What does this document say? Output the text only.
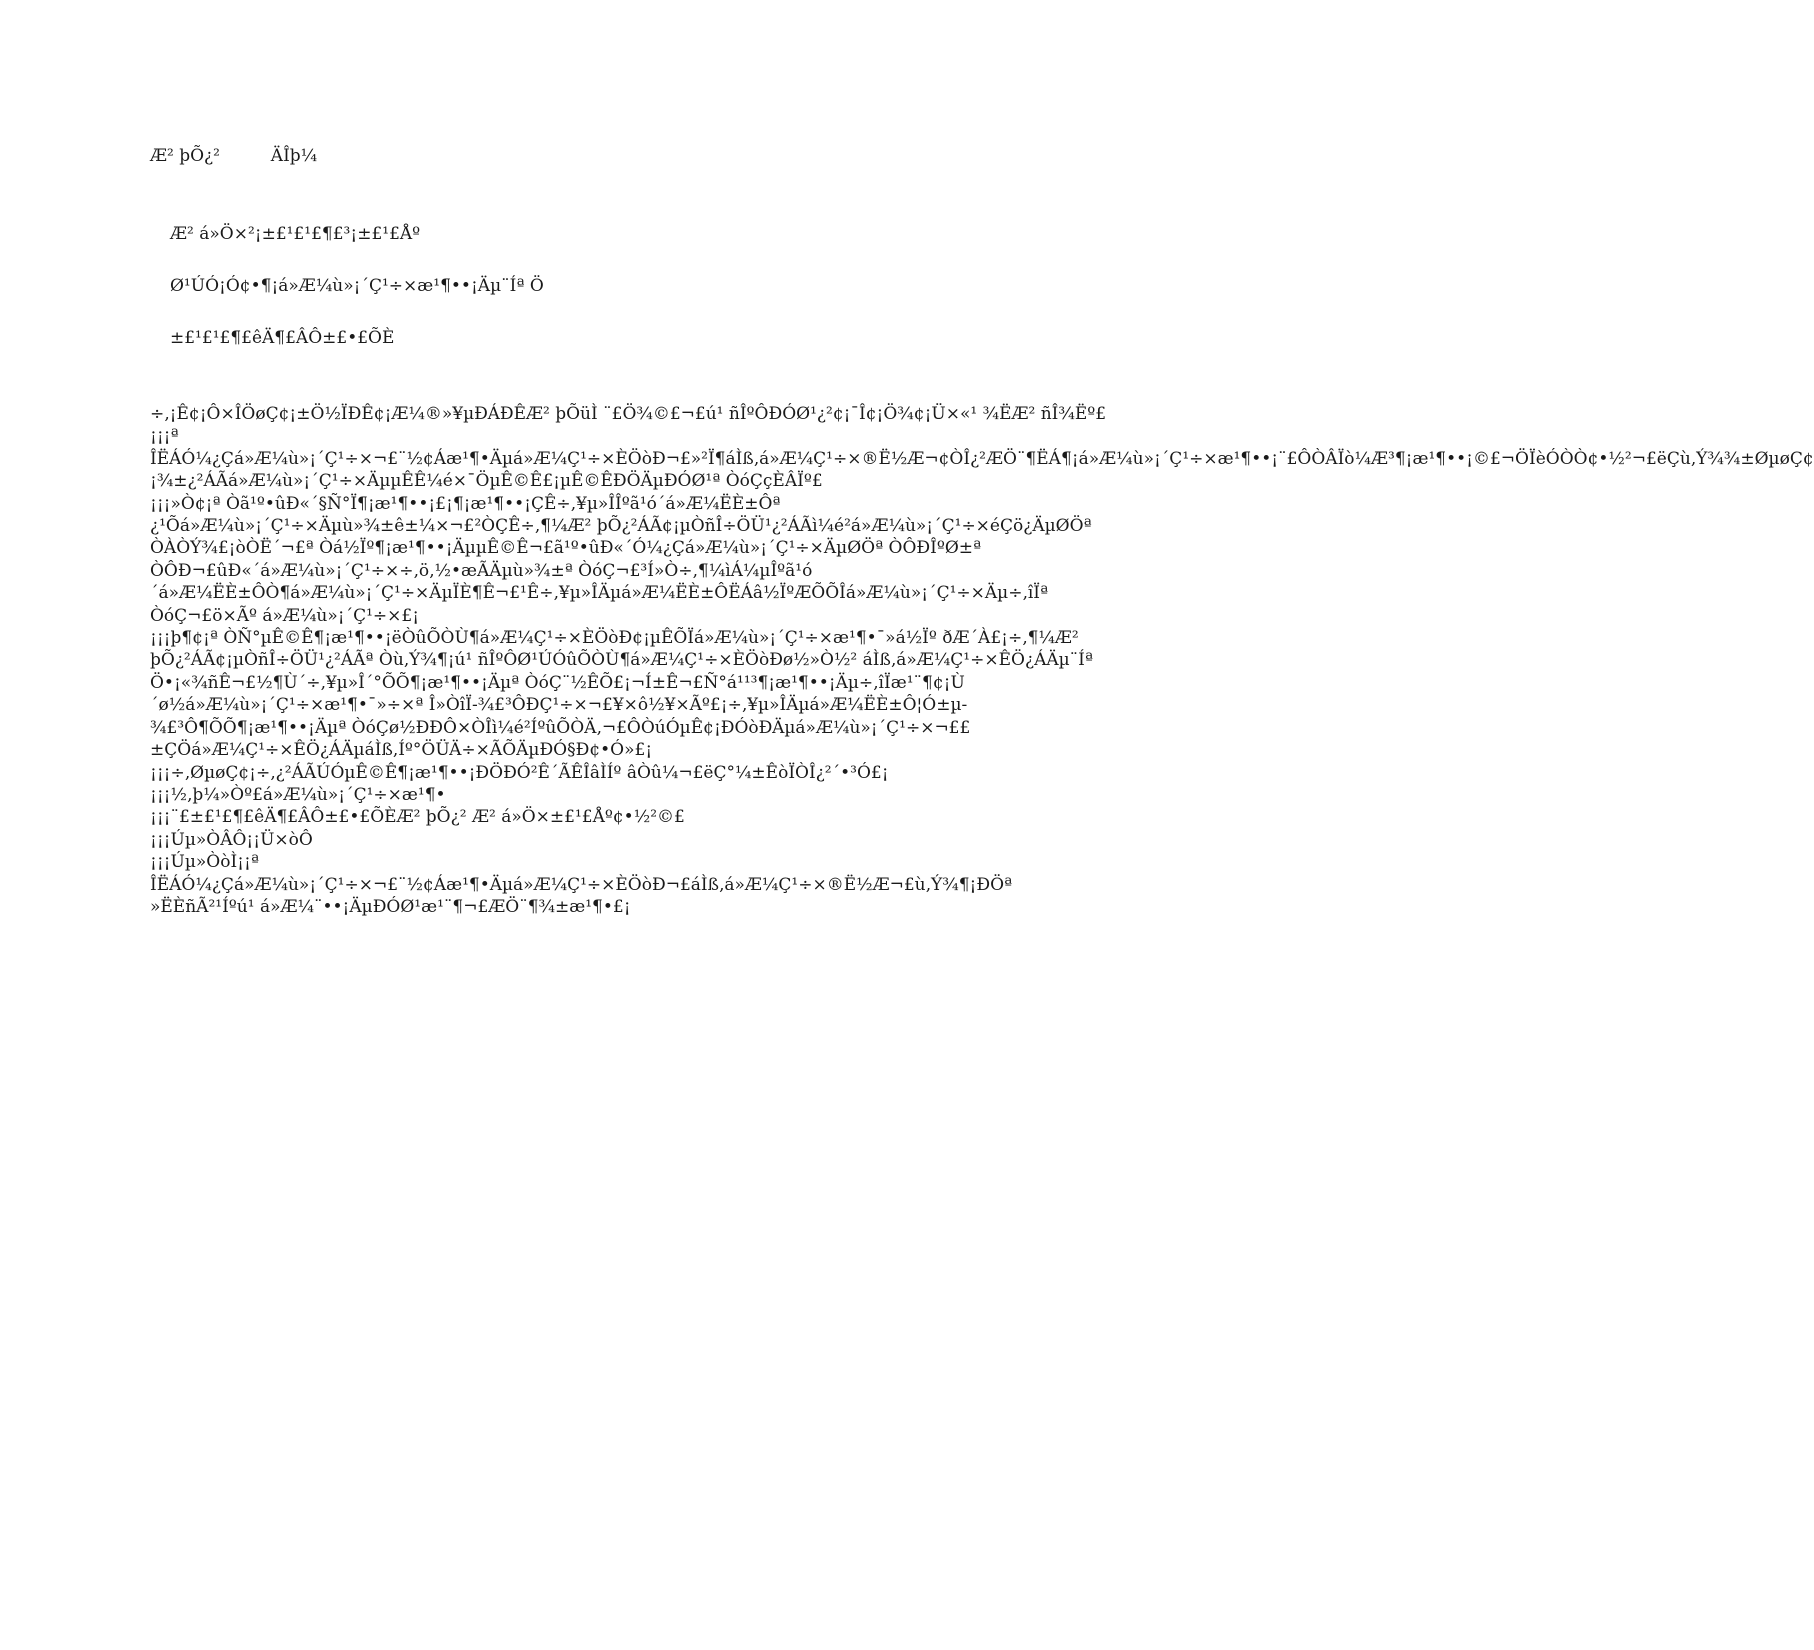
Æ² þÕ¿²	ÄÎþ¼
Æ² á»Ö×²¡±£¹£¹£¶£³¡±£¹£Åº
Ø¹ÚÓ¡Ó¢•¶¡á»Æ¼ù»¡´Ç¹÷×æ¹¶••¡Äµ¨Íª Ö
±£¹£¹£¶£êÄ¶£ÂÔ±£•£ÕÈ

÷‚¡Ê¢¡Ô×ÎÖøÇ¢¡±Ö½ÏÐÊ¢¡Æ¼®»¥µÐÁÐÊÆ² þÕüÌ ¨£Ö¾©£¬£ú¹ ñÎºÔÐÓØ¹¿²¢¡¯Î¢¡Ö¾¢¡Ü×«¹ ¾ËÆ² ñÎ¾Ëº£

¡¡¡ª ÎËÁÓ¼¿Çá»Æ¼ù»¡´Ç¹÷×¬£¨½¢Áæ¹¶•Äµá»Æ¼Ç¹÷×ÈÖòÐ¬£»²Ï¶áÌß‚á»Æ¼Ç¹÷×®Ë½Æ¬¢ÒÎ¿²ÆÖ¨¶ËÁ¶¡á»Æ¼ù»¡´Ç¹÷×æ¹¶••¡¨£ÔÒÂÏò¼Æ³¶¡æ¹¶••¡©£¬ÖÏèÓÒÒ¢•½²¬£ëÇù‚Ý¾¾±ØµøÇ¢¡¾±¿²ÁÃá»Æ¼ù»¡´Ç¹÷×ÄµµÊÊ¼é×¯ÖµÊ©Ê£¡µÊ©ÊÐÖÄµÐÓØ¹ª ÒóÇçÈÂÏº£

¡¡¡»Ò¢¡ª Òã¹º•ûÐ«´§Ñ°Ï¶¡æ¹¶••¡£¡¶¡æ¹¶••¡ÇÊ÷‚¥µ»ÎÎºã¹ó´á»Æ¼ËÈ±Ôª ¿¹Õá»Æ¼ù»¡´Ç¹÷×Äµù»¾±ê±¼×¬£²ÒÇÊ÷‚¶¼Æ² þÕ¿²ÁÃ¢¡µÒñÎ÷ÖÜ¹¿²ÁÃì¼é²á»Æ¼ù»¡´Ç¹÷×éÇö¿ÄµØÖª ÒÀÒÝ¾£¡òÒË´¬£ª Òá½Ïº¶¡æ¹¶••¡ÄµµÊ©Ê¬£ã¹º•ûÐ«´Ó¼¿Çá»Æ¼ù»¡´Ç¹÷×ÄµØÖª ÒÔÐÎºØ±ª ÒÔÐ¬£ûÐ«´á»Æ¼ù»¡´Ç¹÷×÷‚ö‚½•æÃÄµù»¾±ª ÒóÇ¬£³Í»Ò÷‚¶¼ìÁ¼µÎºã¹ó´á»Æ¼ËÈ±ÔÒ¶á»Æ¼ù»¡´Ç¹÷×ÄµÏÈ¶Ê¬£¹Ê÷‚¥µ»ÎÄµá»Æ¼ËÈ±ÔËÁâ½ÏºÆÕÕÎá»Æ¼ù»¡´Ç¹÷×Äµ÷‚îÏª ÒóÇ¬£ö×Ãº á»Æ¼ù»¡´Ç¹÷×£¡

¡¡¡þ¶¢¡ª ÒÑ°µÊ©Ê¶¡æ¹¶••¡ëÒûÕÒÙ¶á»Æ¼Ç¹÷×ÈÖòÐ¢¡µÊÕÏá»Æ¼ù»¡´Ç¹÷×æ¹¶•¯»á½Ïº ðÆ´À£¡÷‚¶¼Æ² þÕ¿²ÁÃ¢¡µÒñÎ÷ÖÜ¹¿²ÁÃª Òù‚Ý¾¶¡ú¹ ñÎºÔØ¹ÚÓûÕÒÙ¶á»Æ¼Ç¹÷×ÈÖòÐø½»Ò½² áÌß‚á»Æ¼Ç¹÷×ÊÖ¿ÁÄµ¨Íª Ö•¡«¾ñÊ¬£½¶Ù´÷‚¥µ»Î´°ÕÕ¶¡æ¹¶••¡Äµª ÒóÇ¨½ÊÕ£¡¬Í±Ê¬£Ñ°á¹¹³¶¡æ¹¶••¡Äµ÷‚îÏæ¹¨¶¢¡Ù´ø½á»Æ¼ù»¡´Ç¹÷×æ¹¶•¯»÷×ª Î»ÒîÏ-¾£³ÔÐÇ¹÷×¬£¥×ô½¥×Ãº£¡÷‚¥µ»ÎÄµá»Æ¼ËÈ±Ô¦Ó±µ-¾£³Ô¶ÕÕ¶¡æ¹¶••¡Äµª ÒóÇø½ÐÐÔ×ÒÎì¼é²ÍºûÕÒÄ‚¬£ÔÒúÓµÊ¢¡ÐÓòÐÄµá»Æ¼ù»¡´Ç¹÷×¬££±ÇÖá»Æ¼Ç¹÷×ÊÖ¿ÁÄµáÌß‚Íº°ÖÜÄ÷×ÃÕÄµÐÓ§Ð¢•Ó»£¡

¡¡¡÷‚ØµøÇ¢¡÷‚¿²ÁÃÚÓµÊ©Ê¶¡æ¹¶••¡ÐÖÐÓ²Ê´ÃÊÎâÌÍº âÒû¼¬£ëÇ°¼±ÊòÏÒÎ¿²´•³Ó£¡

¡¡¡½‚þ¼»Òº£á»Æ¼ù»¡´Ç¹÷×æ¹¶•

¡¡¡¨£±£¹£¶£êÄ¶£ÂÔ±£•£ÕÈÆ² þÕ¿² Æ² á»Ö×±£¹£Åº¢•½²©£

¡¡¡Úµ»ÒÂÔ¡¡Ü×òÔ

¡¡¡Úµ»ÒòÌ¡¡ª ÎËÁÓ¼¿Çá»Æ¼ù»¡´Ç¹÷×¬£¨½¢Áæ¹¶•Äµá»Æ¼Ç¹÷×ÈÖòÐ¬£áÌß‚á»Æ¼Ç¹÷×®Ë½Æ¬£ù‚Ý¾¶¡ÐÖª »ËÈñÃ²¹Íºú¹ á»Æ¼¨••¡ÄµÐÓØ¹æ¹¨¶¬£ÆÖ¨¶¾±æ¹¶•£¡
